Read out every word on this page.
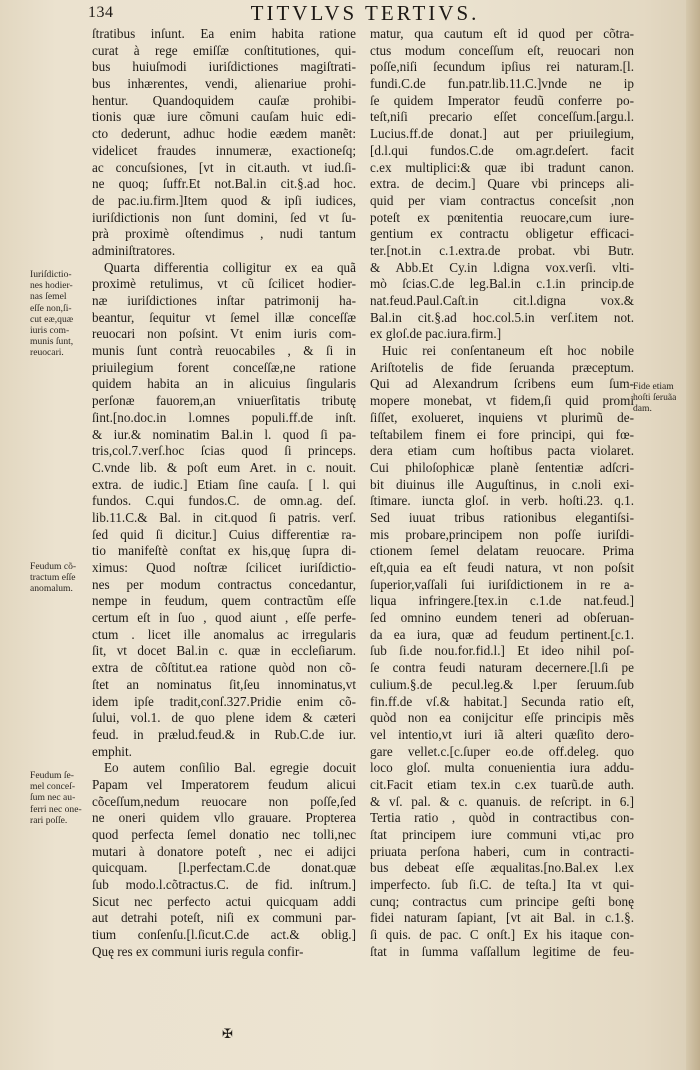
134	TITVLVS TERTIVS.
ſtratibus inſunt. Ea enim habita ratione
curat à rege emiſſæ conſtitutiones, qui-
bus huiuſmodi iuriſdictiones magiſtrati-
bus inhærentes, vendi, alienariue prohi-
hentur. Quandoquidem cauſæ prohibi-
tionis quæ iure cõmuni cauſam huic edi-
cto dederunt, adhuc hodie eædem manẽt:
videlicet fraudes innumeræ, exactioneſq;
ac concuſsiones, [vt in cit.auth. vt iud.ſi-
ne quoq; ſuffr.Et not.Bal.in cit.§.ad hoc.
de pac.iu.firm.]Item quod & ipſi iudices,
iuriſdictionis non ſunt domini, ſed vt ſu-
prà proximè oſtendimus , nudi tantum
adminiſtratores.
Quarta differentia colligitur ex ea quã
proximè retulimus, vt cũ ſcilicet hodier-
næ iuriſdictiones inſtar patrimonij ha-
beantur, ſequitur vt ſemel illæ conceſſæ
reuocari non poſsint. Vt enim iuris com-
munis ſunt contrà reuocabiles , & ſi in
priuilegium forent conceſſæ,ne ratione
quidem habita an in alicuius ſingularis
perſonæ fauorem,an vniuerſitatis tributę
ſint.[no.doc.in l.omnes populi.ff.de inſt.
& iur.& nominatim Bal.in l. quod ſi pa-
tris,col.7.verſ.hoc ſcias quod ſi princeps.
C.vnde lib. & poſt eum Aret. in c. nouit.
extra. de iudic.] Etiam ſine cauſa. [ l. qui
fundos. C.qui fundos.C. de omn.ag. deſ.
lib.11.C.& Bal. in cit.quod ſi patris. verſ.
ſed quid ſi dicitur.] Cuius differentiæ ra-
tio manifeſtè conſtat ex his,quę ſupra di-
ximus: Quod noſtræ ſcilicet iuriſdictio-
nes per modum contractus concedantur,
nempe in feudum, quem contractũm eſſe
certum eſt in ſuo , quod aiunt , eſſe perfe-
ctum . licet ille anomalus ac irregularis
ſit, vt docet Bal.in c. quæ in eccleſiarum.
extra de cõſtitut.ea ratione quòd non cõ-
ſtet an nominatus ſit,ſeu innominatus,vt
idem ipſe tradit,conſ.327.Pridie enim cõ-
ſului, vol.1. de quo plene idem & cæteri
feud. in prælud.feud.& in Rub.C.de iur.
emphit.
Eo autem conſilio Bal. egregie docuit
Papam vel Imperatorem feudum alicui
cõceſſum,nedum reuocare non poſſe,ſed
ne oneri quidem vllo grauare. Propterea
quod perfecta ſemel donatio nec tolli,nec
mutari à donatore poteſt , nec ei adijci
quicquam. [l.perfectam.C.de donat.quæ
ſub modo.l.cõtractus.C. de fid. inſtrum.]
Sicut nec perfecto actui quicquam addi
aut detrahi poteſt, niſi ex communi par-
tium conſenſu.[l.ſicut.C.de act.& oblig.]
Quę res ex communi iuris regula confir-
matur, qua cautum eſt id quod per cõtra-
ctus modum conceſſum eſt, reuocari non
poſſe,niſi ſecundum ipſius rei naturam.[l.
fundi.C.de fun.patr.lib.11.C.]vnde ne ip
ſe quidem Imperator feudũ conferre po-
teſt,niſi precario eſſet conceſſum.[argu.l.
Lucius.ff.de donat.] aut per priuilegium,
[d.l.qui fundos.C.de om.agr.deſert. facit
c.ex multiplici:& quæ ibi tradunt canon.
extra. de decim.] Quare vbi princeps ali-
quid per viam contractus conceſsit ,non
poteſt ex pœnitentia reuocare,cum iure-
gentium ex contractu obligetur efficaci-
ter.[not.in c.1.extra.de probat. vbi Butr.
& Abb.Et Cy.in l.digna vox.verſi. vlti-
mò ſcias.C.de leg.Bal.in c.1.in princip.de
nat.feud.Paul.Caſt.in cit.l.digna vox.&
Bal.in cit.§.ad hoc.col.5.in verſ.item not.
ex gloſ.de pac.iura.firm.]
Huic rei conſentaneum eſt hoc nobile
Ariſtotelis de fide ſeruanda præceptum.
Qui ad Alexandrum ſcribens eum ſum-
mopere monebat, vt fidem,ſi quid promi
ſiſſet, exolueret, inquiens vt plurimũ de-
teſtabilem finem ei fore principi, qui fœ-
dera etiam cum hoſtibus pacta violaret.
Cui philoſophicæ planè ſententiæ adſcri-
bit diuinus ille Auguſtinus, in c.noli exi-
ſtimare. iuncta gloſ. in verb. hoſti.23. q.1.
Sed iuuat tribus rationibus elegantiſsi-
mis probare,principem non poſſe iuriſdi-
ctionem ſemel delatam reuocare. Prima
eſt,quia ea eſt feudi natura, vt non poſsit
ſuperior,vaſſali ſui iuriſdictionem in re a-
liqua infringere.[tex.in c.1.de nat.feud.]
ſed omnino eundem teneri ad obſeruan-
da ea iura, quæ ad feudum pertinent.[c.1.
ſub ſi.de nou.for.fid.l.] Et ideo nihil poſ-
ſe contra feudi naturam decernere.[l.ſi pe
culium.§.de pecul.leg.& l.per ſeruum.ſub
fin.ff.de vſ.& habitat.] Secunda ratio eſt,
quòd non ea conijcitur eſſe principis mẽs
vel intentio,vt iuri iã alteri quæſito dero-
gare vellet.c.[c.ſuper eo.de off.deleg. quo
loco gloſ. multa conuenientia iura addu-
cit.Facit etiam tex.in c.ex tuarũ.de auth.
& vſ. pal. & c. quanuis. de reſcript. in 6.]
Tertia ratio , quòd in contractibus con-
ſtat principem iure communi vti,ac pro
priuata perſona haberi, cum in contracti-
bus debeat eſſe æqualitas.[no.Bal.ex l.ex
imperfecto. ſub ſi.C. de teſta.] Ita vt qui-
cunq; contractus cum principe geſti bonę
fidei naturam ſapiant, [vt ait Bal. in c.1.§.
ſi quis. de pac. C onſt.] Ex his itaque con-
ſtat in ſumma vaſſallum legitime de feu-
Iuriſdictio-
nes hodier-
nas ſemel
eſſe non,ſi-
cut eæ,quæ
iuris com-
munis ſunt,
reuocari.
Feudum cõ-
tractum eſſe
anomalum.
Feudum ſe-
mel conceſ-
ſum nec au-
ferri nec one-
rari poſſe.
Fide etiam
hoſti ſeruãa
dam.
✠
